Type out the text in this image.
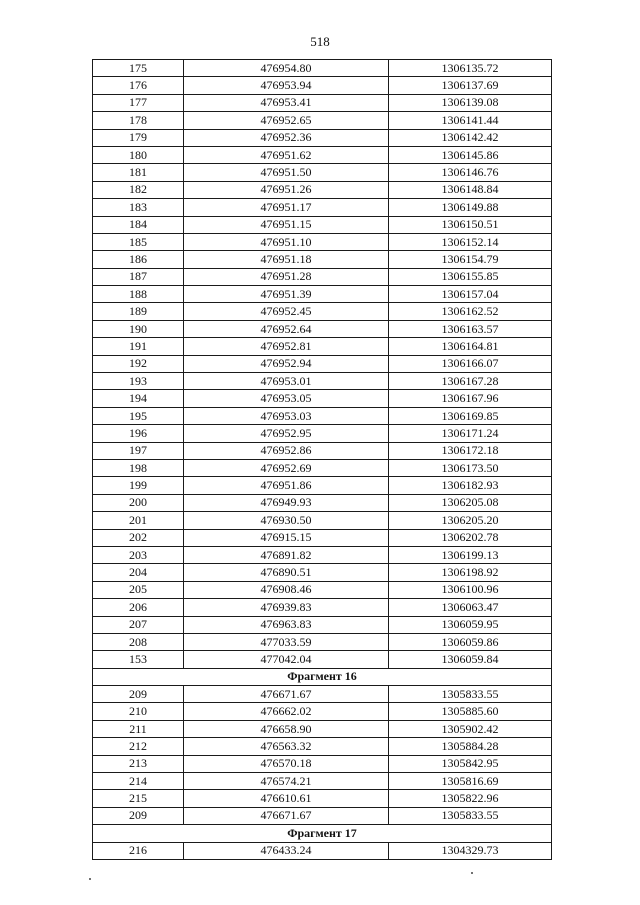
518
175	476954.80	1306135.72
176	476953.94	1306137.69
177	476953.41	1306139.08
178	476952.65	1306141.44
179	476952.36	1306142.42
180	476951.62	1306145.86
181	476951.50	1306146.76
182	476951.26	1306148.84
183	476951.17	1306149.88
184	476951.15	1306150.51
185	476951.10	1306152.14
186	476951.18	1306154.79
187	476951.28	1306155.85
188	476951.39	1306157.04
189	476952.45	1306162.52
190	476952.64	1306163.57
191	476952.81	1306164.81
192	476952.94	1306166.07
193	476953.01	1306167.28
194	476953.05	1306167.96
195	476953.03	1306169.85
196	476952.95	1306171.24
197	476952.86	1306172.18
198	476952.69	1306173.50
199	476951.86	1306182.93
200	476949.93	1306205.08
201	476930.50	1306205.20
202	476915.15	1306202.78
203	476891.82	1306199.13
204	476890.51	1306198.92
205	476908.46	1306100.96
206	476939.83	1306063.47
207	476963.83	1306059.95
208	477033.59	1306059.86
153	477042.04	1306059.84
Фрагмент 16		
209	476671.67	1305833.55
210	476662.02	1305885.60
211	476658.90	1305902.42
212	476563.32	1305884.28
213	476570.18	1305842.95
214	476574.21	1305816.69
215	476610.61	1305822.96
209	476671.67	1305833.55
Фрагмент 17		
216	476433.24	1304329.73
